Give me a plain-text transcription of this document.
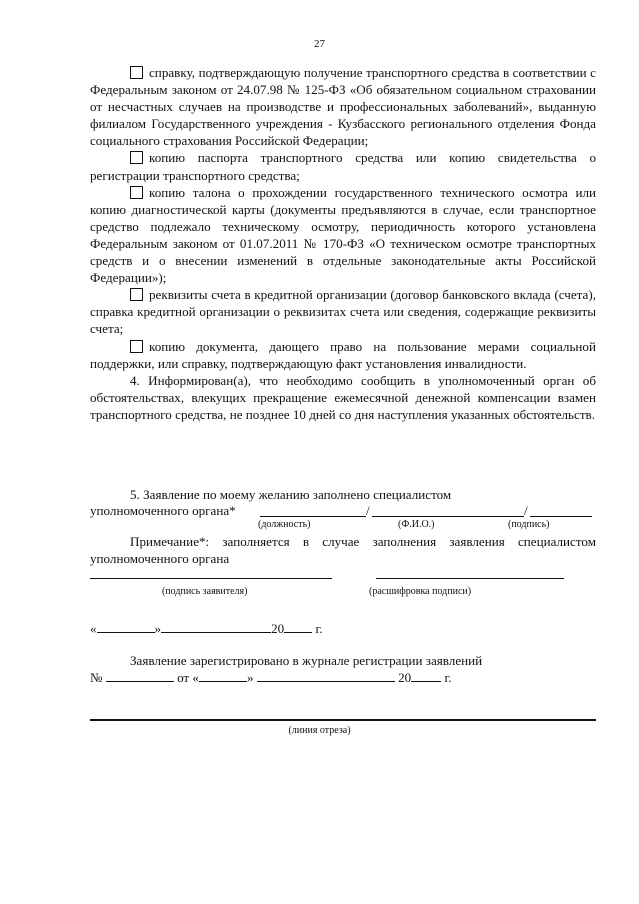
27
справку, подтверждающую получение транспортного средства в соответствии с Федеральным законом от 24.07.98 № 125-ФЗ «Об обязательном социальном страховании от несчастных случаев на производстве и профессиональных заболеваний», выданную филиалом Государственного учреждения - Кузбасского регионального отделения Фонда социального страхования Российской Федерации;
копию паспорта транспортного средства или копию свидетельства о регистрации транспортного средства;
копию талона о прохождении государственного технического осмотра или копию диагностической карты (документы предъявляются в случае, если транспортное средство подлежало техническому осмотру, периодичность которого установлена Федеральным законом от 01.07.2011 № 170-ФЗ «О техническом осмотре транспортных средств и о внесении изменений в отдельные законодательные акты Российской Федерации»);
реквизиты счета в кредитной организации (договор банковского вклада (счета), справка кредитной организации о реквизитах счета или сведения, содержащие реквизиты счета;
копию документа, дающего право на пользование мерами социальной поддержки, или справку, подтверждающую факт установления инвалидности.
4. Информирован(а), что необходимо сообщить в уполномоченный орган об обстоятельствах, влекущих прекращение ежемесячной денежной компенсации взамен транспортного средства, не позднее 10 дней со дня наступления указанных обстоятельств.
5. Заявление по моему желанию заполнено специалистом
уполномоченного органа*	/	/
(должность)	(Ф.И.О.)	(подпись)
Примечание*: заполняется в случае заполнения заявления специалистом уполномоченного органа
(подпись заявителя)	(расшифровка подписи)
«	»	20 г.
Заявление зарегистрировано в журнале регистрации заявлений
№	от «	»	20	г.
(линия отреза)
